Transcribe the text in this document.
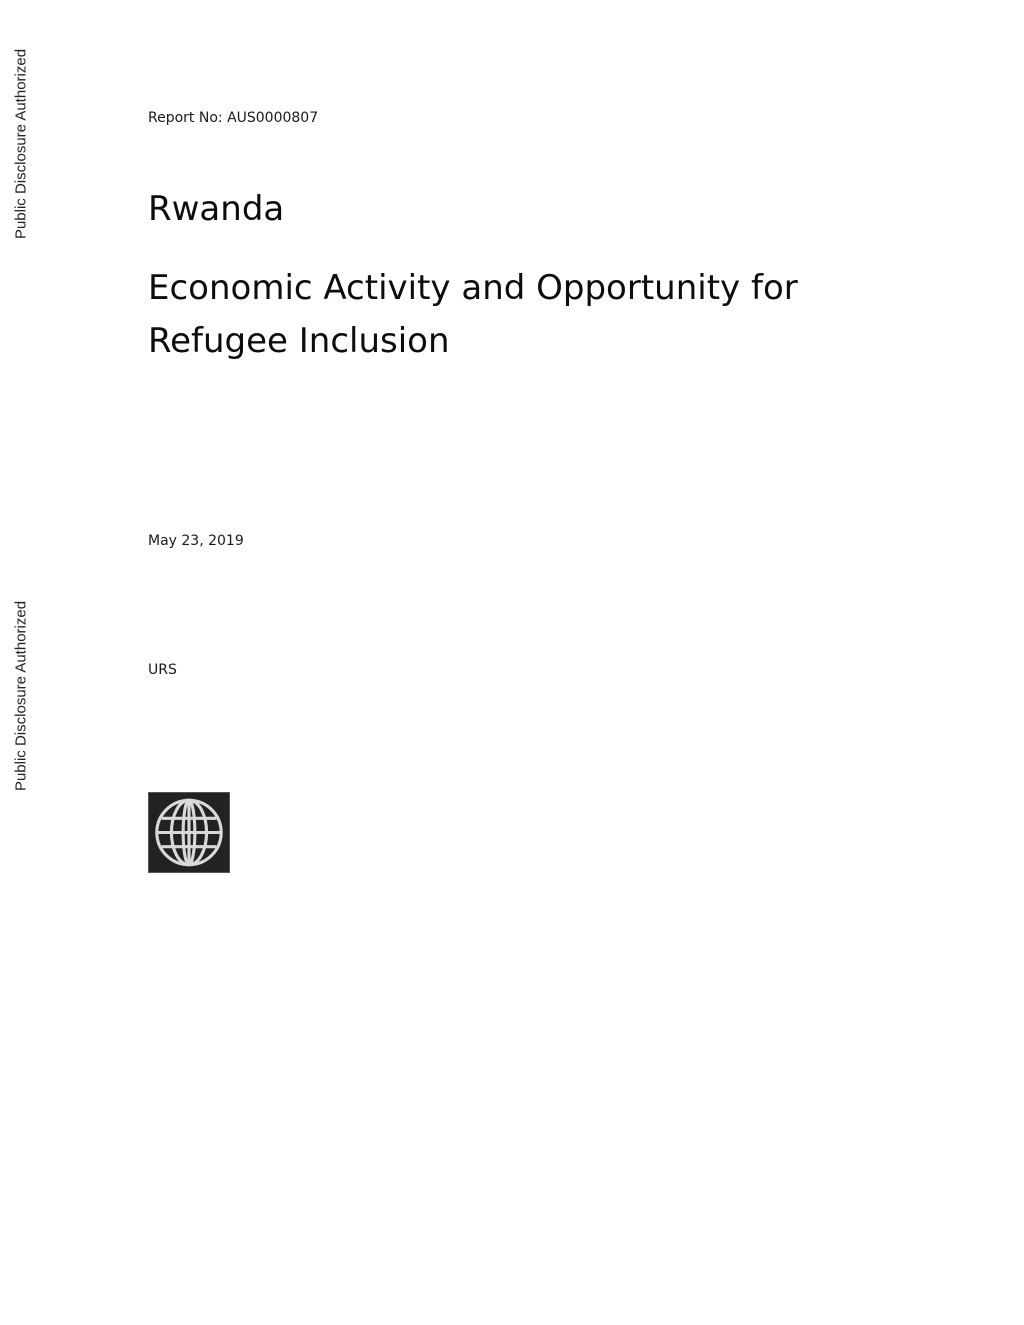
Public Disclosure Authorized
Public Disclosure Authorized
Report No: AUS0000807
Rwanda
Economic Activity and Opportunity for Refugee Inclusion
May 23, 2019
URS
